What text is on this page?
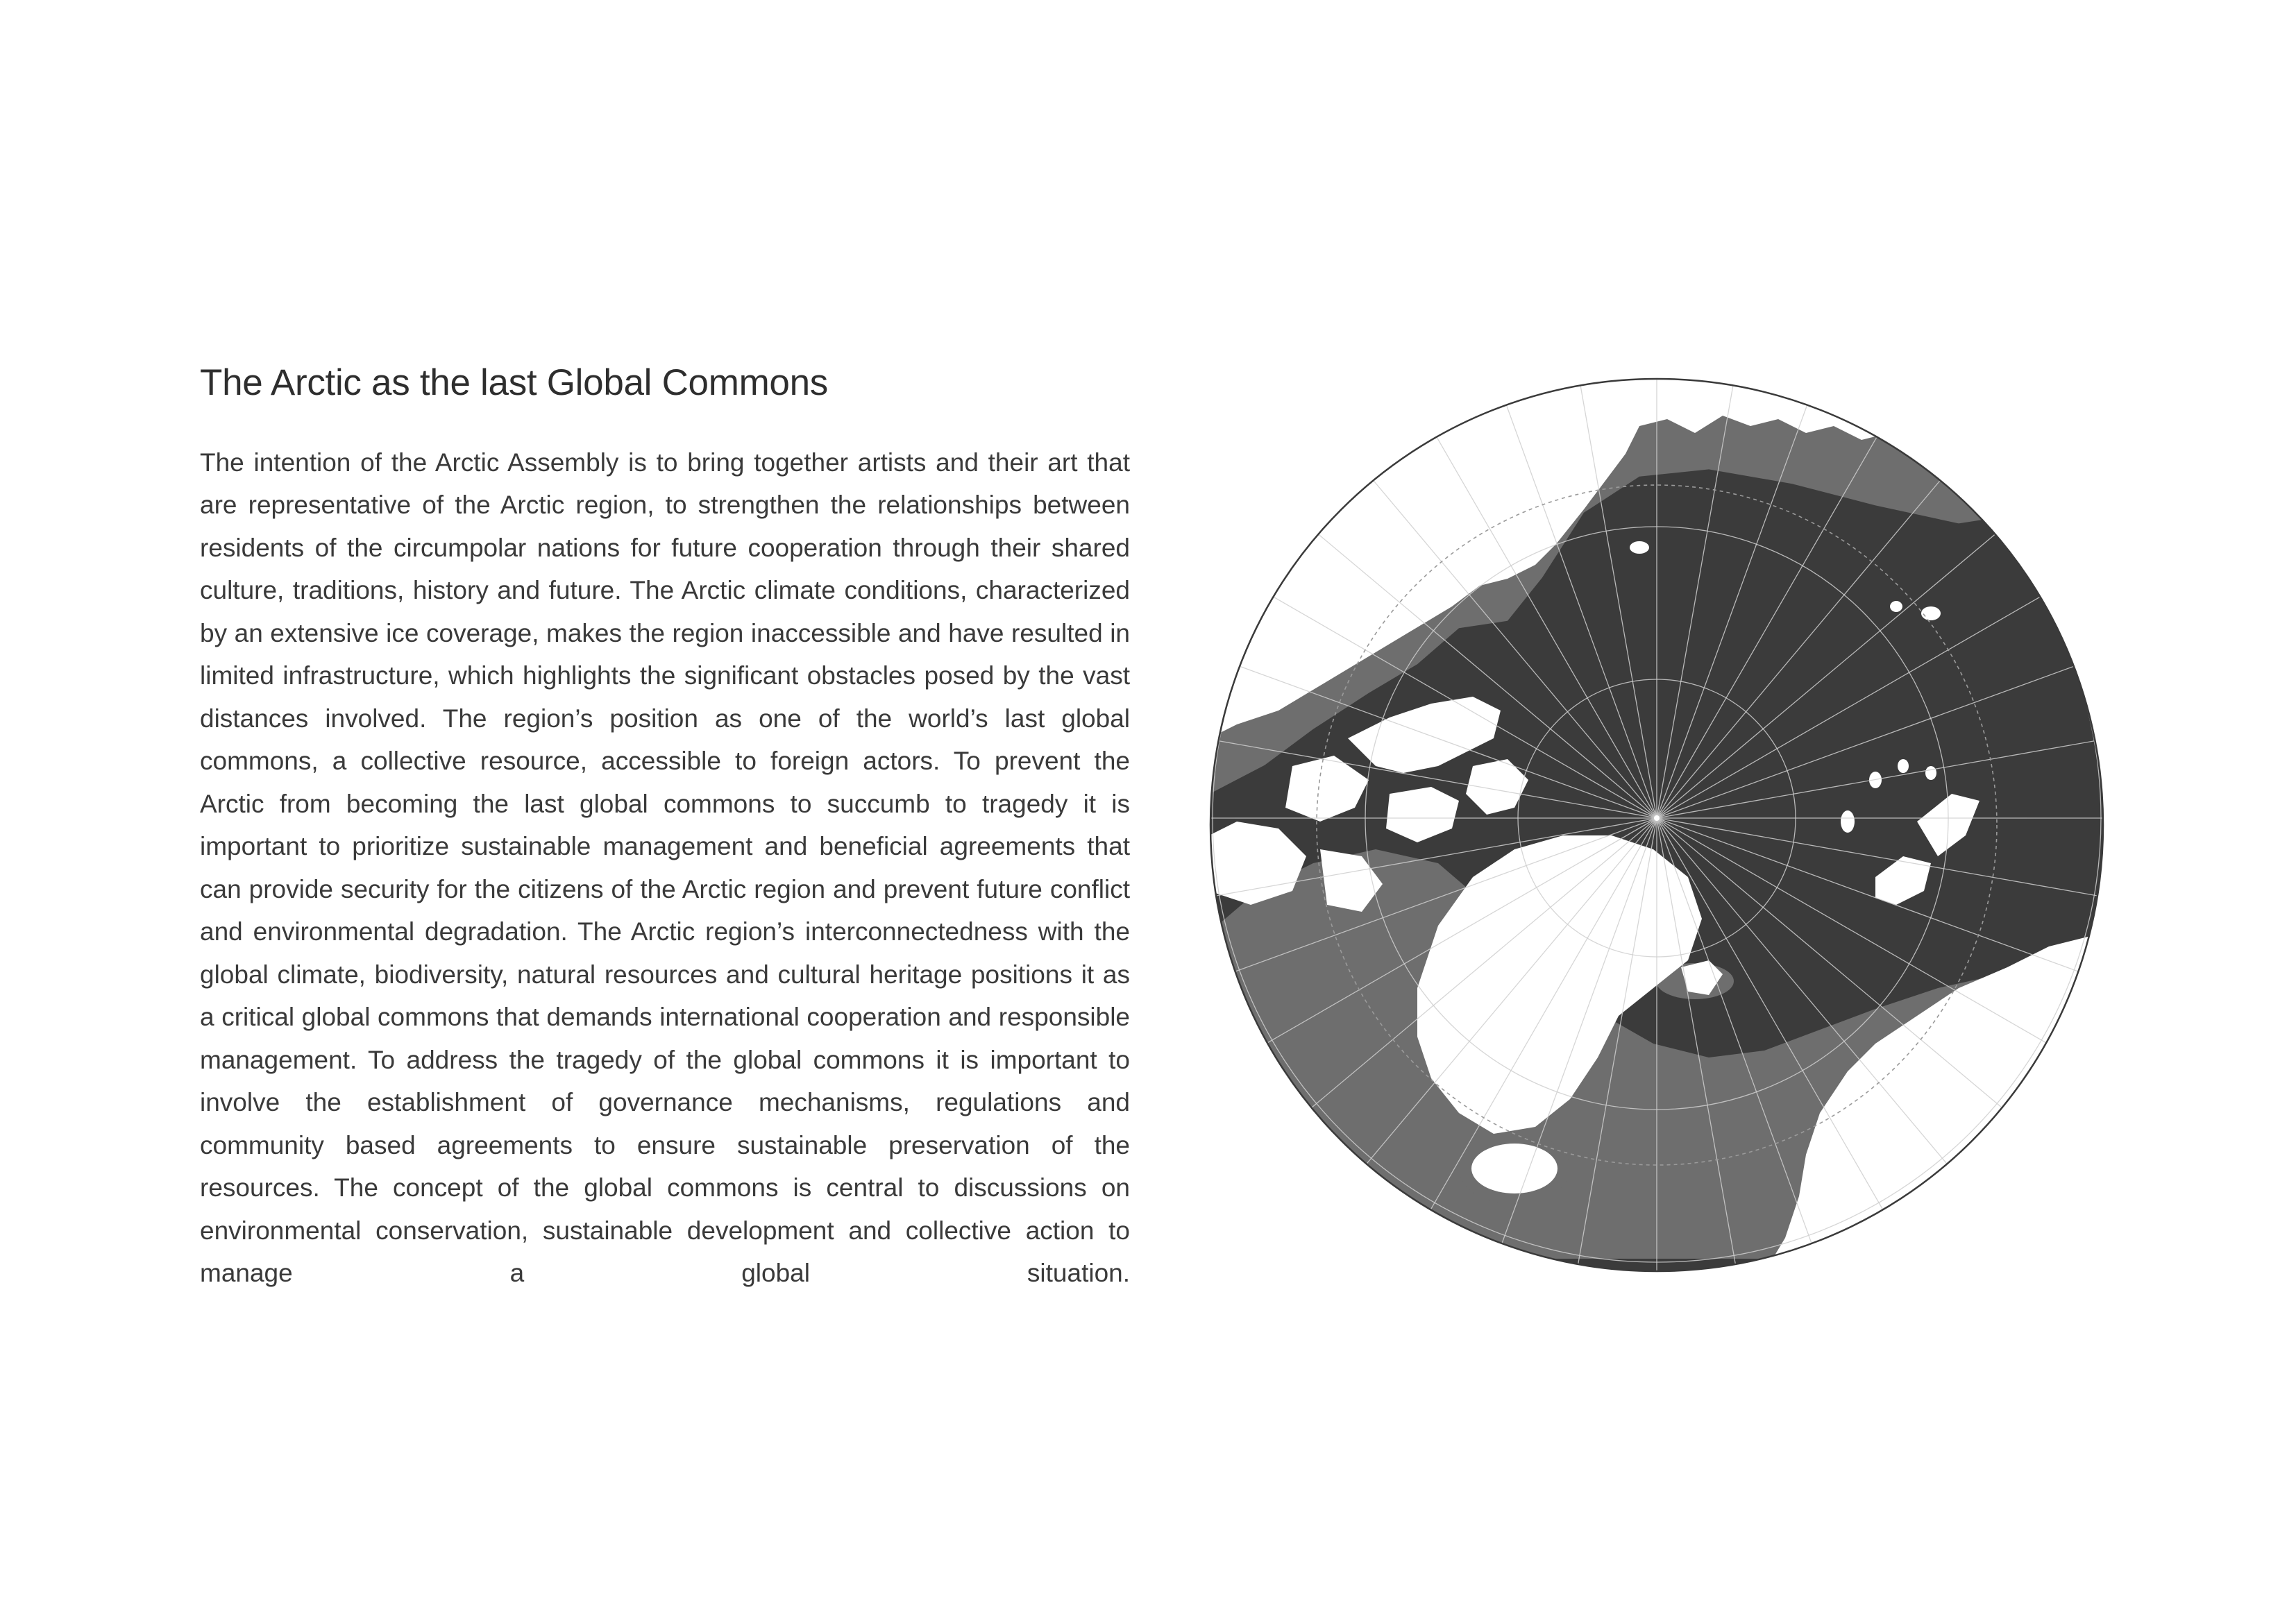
The Arctic as the last Global Commons

The intention of the Arctic Assembly is to bring together artists and their art that are representative of the Arctic region, to strengthen the relationships between residents of the circumpolar nations for future cooperation through their shared culture, traditions, history and future. The Arctic climate conditions, characterized by an extensive ice coverage, makes the region inaccessible and have resulted in limited infrastructure, which highlights the significant obstacles posed by the vast distances involved. The region’s position as one of the world’s last global commons, a collective resource, accessible to foreign actors. To prevent the Arctic from becoming the last global commons to succumb to tragedy it is important to prioritize sustainable management and beneficial agreements that can provide security for the citizens of the Arctic region and prevent future conflict and environmental degradation. The Arctic region’s interconnectedness with the global climate, biodiversity, natural resources and cultural heritage positions it as a critical global commons that demands international cooperation and responsible management. To address the tragedy of the global commons it is important to involve the establishment of governance mechanisms, regulations and community based agreements to ensure sustainable preservation of the resources. The concept of the global commons is central to discussions on environmental conservation, sustainable development and collective action to manage a global situation.
